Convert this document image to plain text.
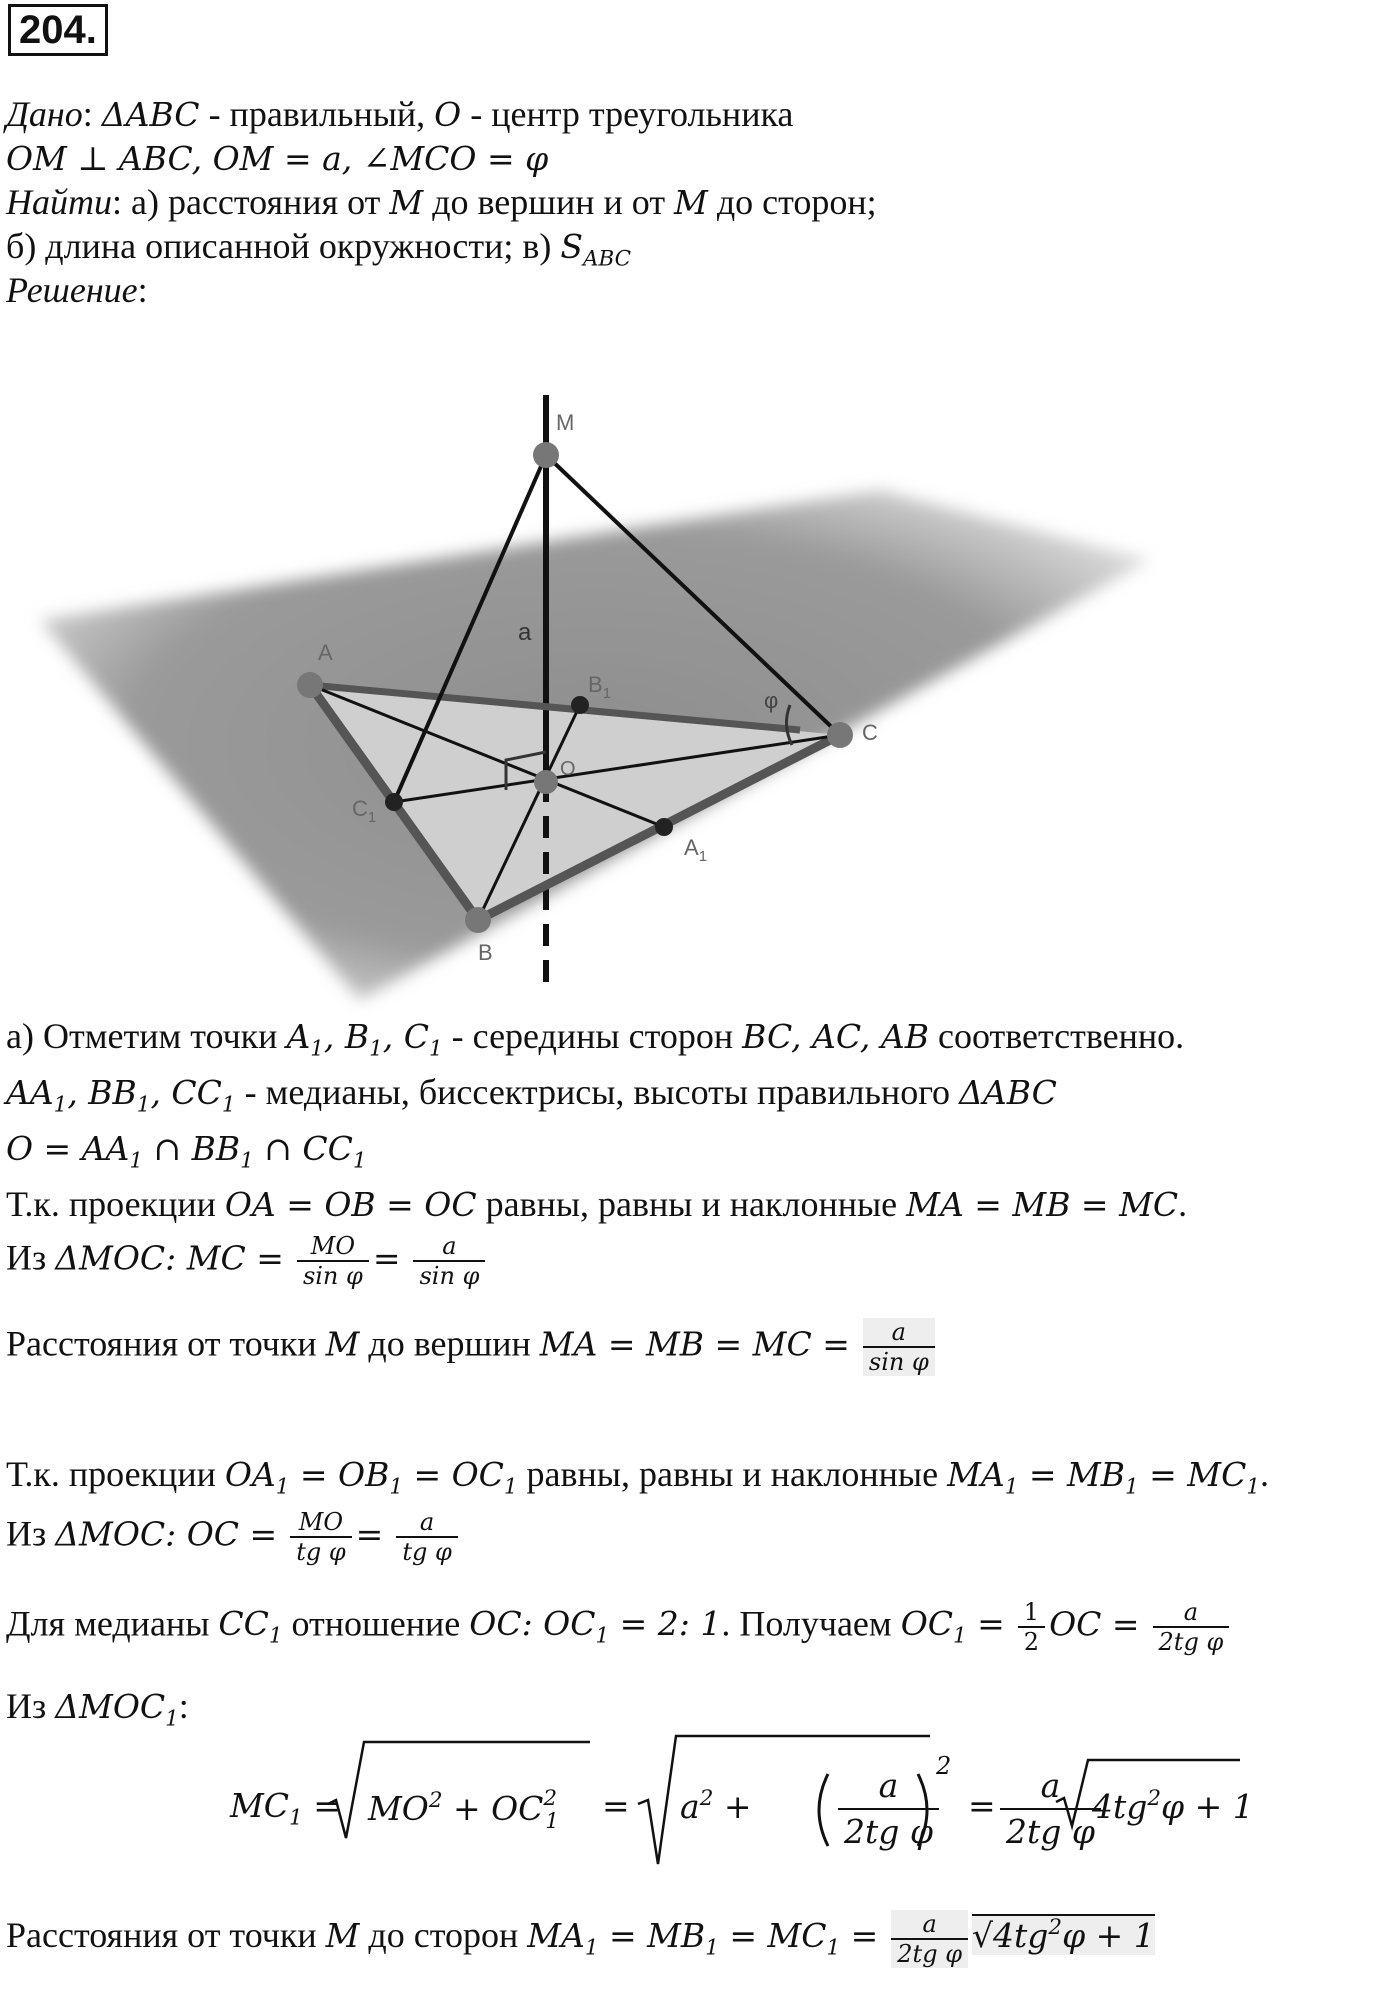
204.
Дано: ΔABC - правильный, O - центр треугольника
OM ⊥ ABC, OM = a, ∠MCO = φ
Найти: а) расстояния от M до вершин и от M до сторон;
б) длина описанной окружности; в) $S_{ABC}$
Решение:
M
a
A
$B_1$	φ
C
O
$C_1$
$A_1$
B
а) Отметим точки $A_1$, $B_1$, $C_1$ - середины сторон BC, AC, AB соответственно.
$AA_1$, $BB_1$, $CC_1$ - медианы, биссектрисы, высоты правильного ΔABC
$O = AA_1$ ∩ $BB_1$ ∩ $CC_1$
Т.к. проекции OA = OB = OC равны, равны и наклонные MA = MB = MC.
Из ΔMOC: MC = $\frac{MO}{\text{sin φ}} = \frac{a}{\text{sin φ}}$
Расстояния от точки M до вершин MA = MB = MC = $\frac{a}{\text{sin φ}}$
Т.к. проекции $OA_1 = OB_1 = OC_1$ равны, равны и наклонные $MA_1 = MB_1 = MC_1$.
Из ΔMOC: OC = $\frac{MO}{\text{tg φ}} = \frac{a}{\text{tg φ}}$
Для медианы $CC_1$ отношение OC: $OC_1 = 2$: 1. Получаем $OC_1 = \frac{1}{2}$ OC = $\frac{a}{\text{2tg φ}}$
Из $\Delta MOC_1$:
$MC_1 = MO^2 + OC^2_1 = a^2$ +	$\frac{a}{\text{2tg φ}}$
2
= $\frac{a}{\text{2tg φ}}$
$4tg^2\varphi + 1$
Расстояния от точки M до сторон $MA_1 = MB_1 = MC_1 = \frac{a}{\text{2tg φ}} √4tg^2\varphi + 1$
